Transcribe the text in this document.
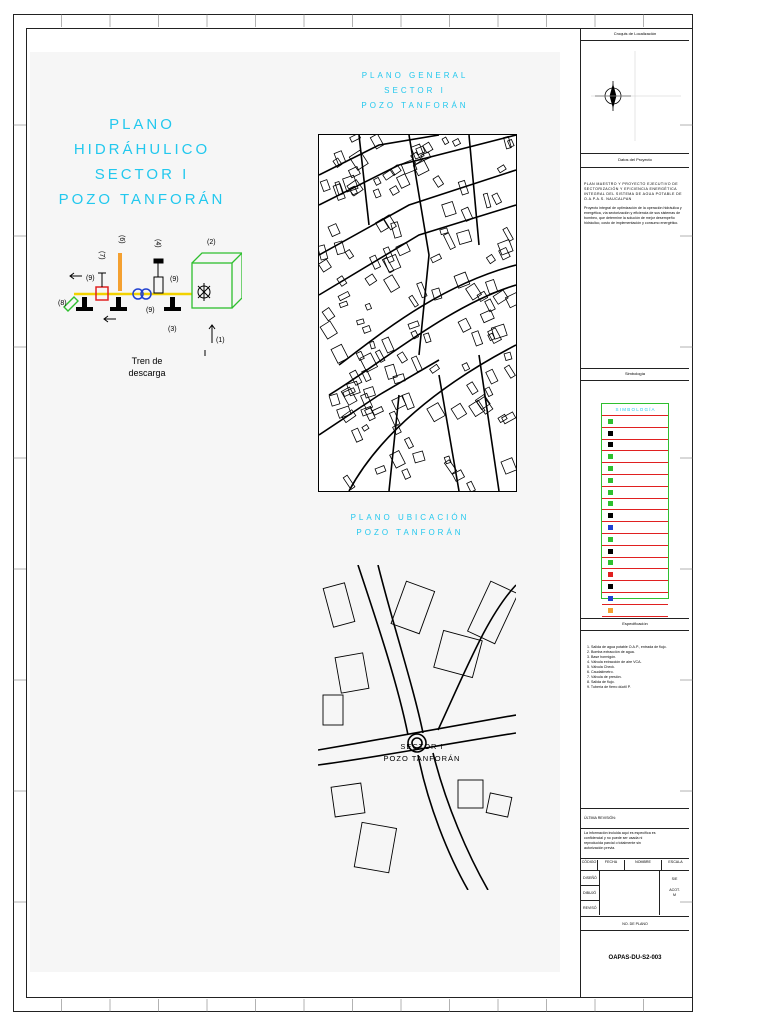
PLANO HIDRÁHULICO
SECTOR I
POZO TANFORÁN
(2)
(3)
(1)
(9)
(9)
(9)
(8)
(7)
(6)	(4)
Tren de
descarga
PLANO GENERAL
SECTOR I
POZO TANFORÁN
PLANO UBICACIÓN
POZO TANFORÁN
SECTOR I
POZO TANFORÁN
Croquis de Localización
Datos del Proyecto
PLAN MAESTRO Y PROYECTO EJECUTIVO DE SECTORIZACIÓN Y EFICIENCIA ENERGÉTICA INTEGRAL DEL SISTEMA DE AGUA POTABLE DE O.A.P.A.S. NAUCALPAN
Proyecto integral de optimización de la operación hidráulica y energética, vía sectorización y eficiencia de sus sistemas de bombeo, que determine la solución de mejor desempeño hidráulico, costo de implementación y consumo energético.
Simbología
S I M B O L O G Í A
Especificación
1. Salida de agua potable O.A.P., entrada de flujo.
2. Bomba extracción de agua.
3. Base hormigón.
4. Válvula extracción de aire VCA.
5. Válvula Check.
6. Caudalímetro.
7. Válvula de presión.
8. Salida de flujo.
9. Tubería de fierro dúctil P.
ÚLTIMA REVISIÓN:
La información incluida aquí es específica es confidencial y no puede ser usada ni reproducida parcial o totalmente sin autorización previa.
CÓDIGO	FECHA	NOMBRE	ESCALA
DISEÑÓ
DIBUJÓ
REVISÓ
S/E
ACOT.
M
NO. DE PLANO
OAPAS-DU-S2-003
